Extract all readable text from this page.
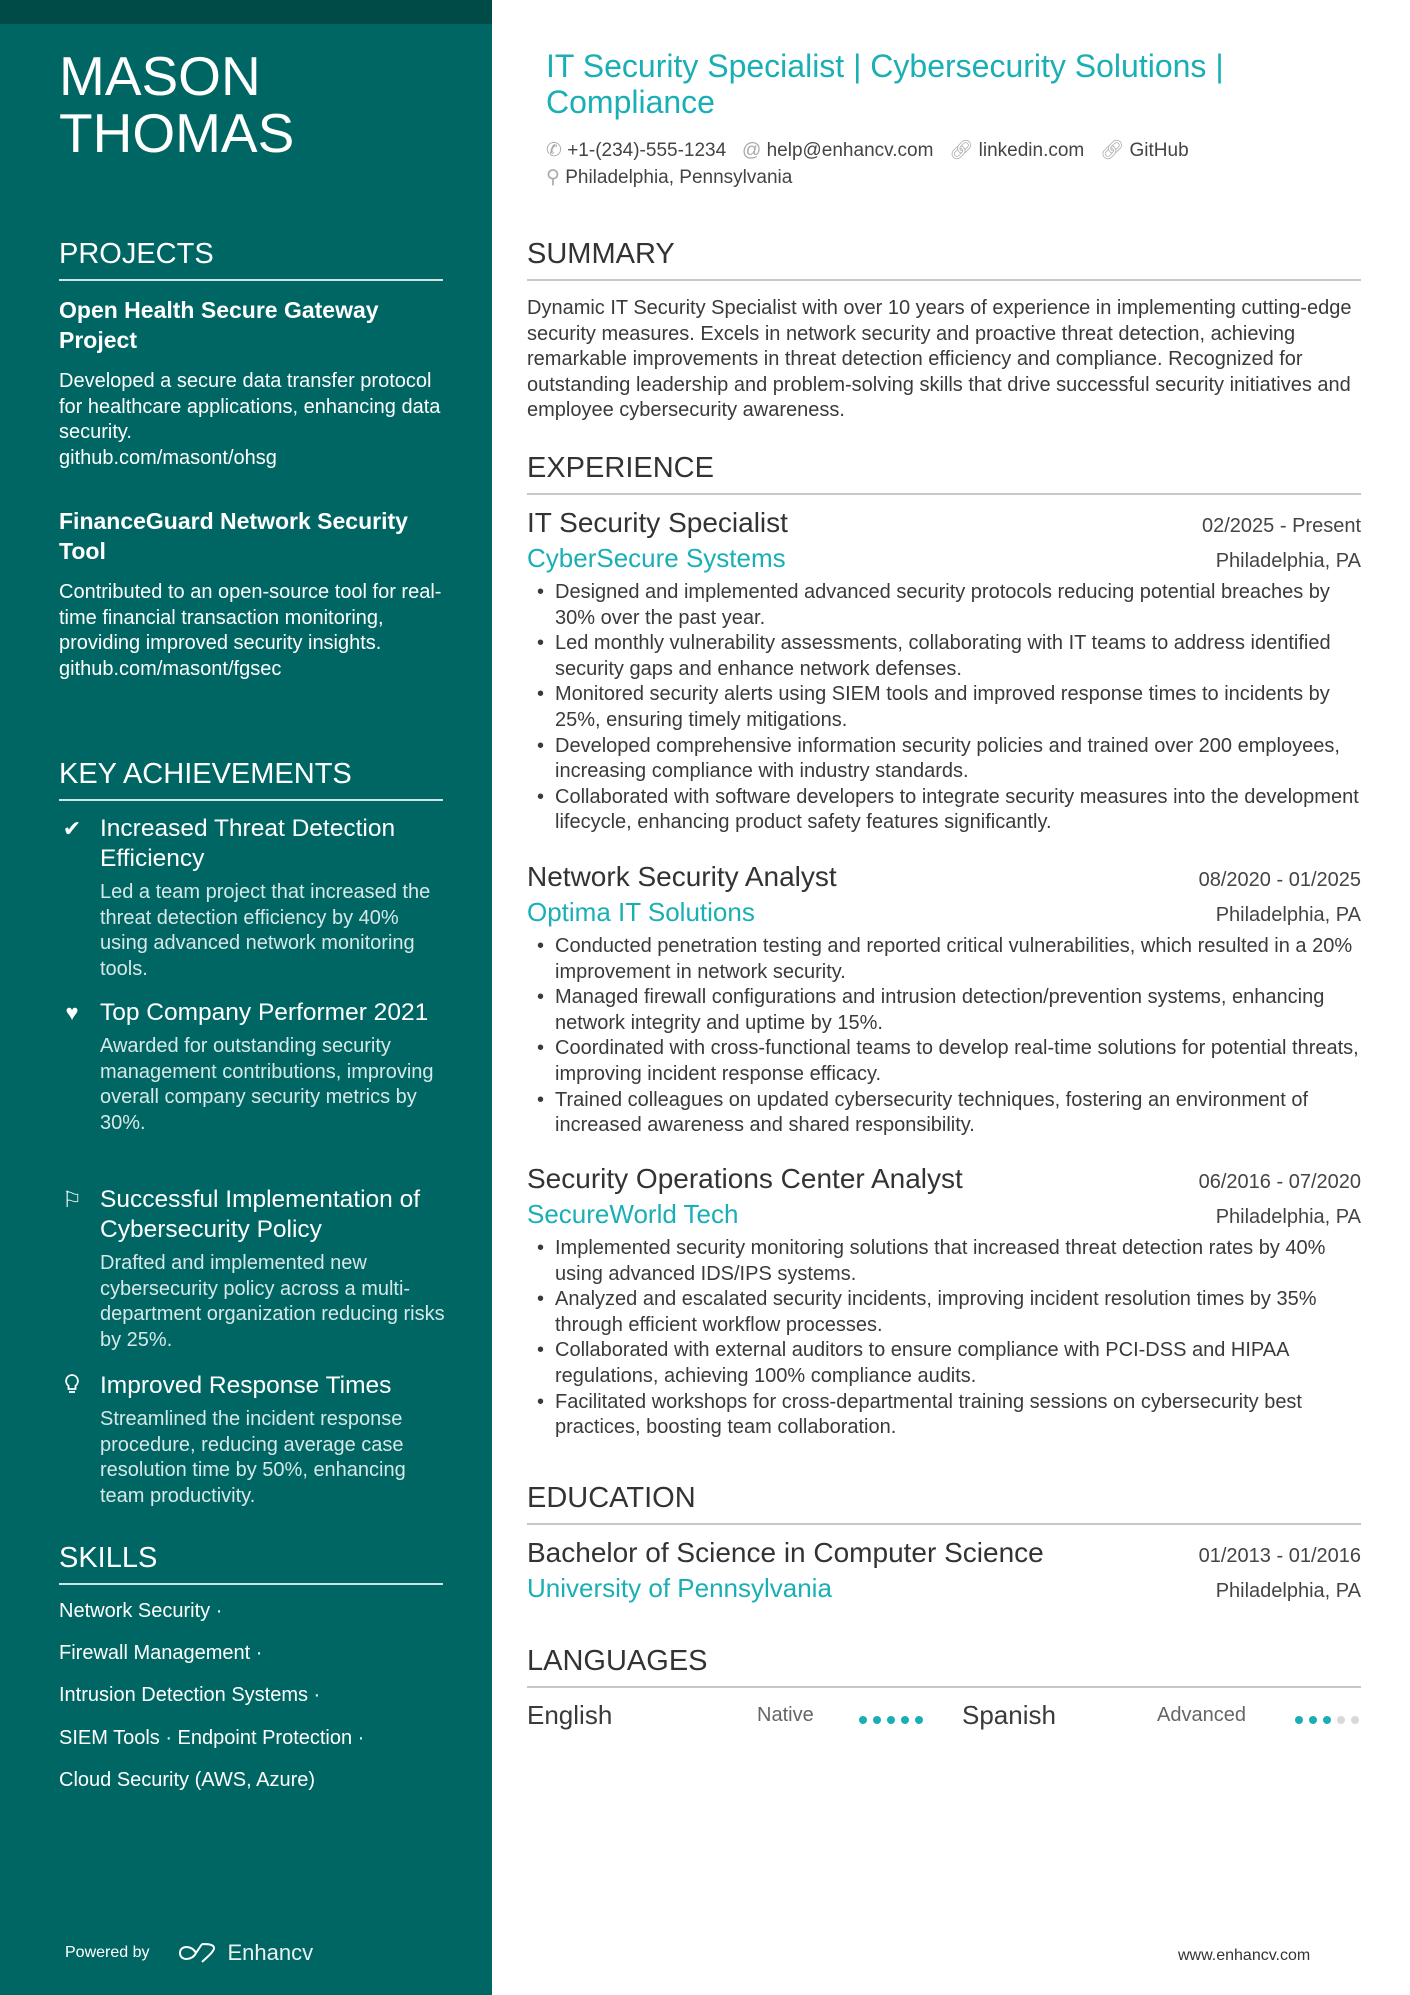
MASON
THOMAS
PROJECTS
Open Health Secure Gateway Project
Developed a secure data transfer protocol for healthcare applications, enhancing data security.
github.com/masont/ohsg
FinanceGuard Network Security Tool
Contributed to an open-source tool for real-time financial transaction monitoring, providing improved security insights.
github.com/masont/fgsec
KEY ACHIEVEMENTS
✔ Increased Threat Detection Efficiency
Led a team project that increased the threat detection efficiency by 40% using advanced network monitoring tools.
♥ Top Company Performer 2021
Awarded for outstanding security management contributions, improving overall company security metrics by 30%.
⚐ Successful Implementation of Cybersecurity Policy
Drafted and implemented new cybersecurity policy across a multi-department organization reducing risks by 25%.
Improved Response Times
Streamlined the incident response procedure, reducing average case resolution time by 50%, enhancing team productivity.
SKILLS
Network Security ·
Firewall Management ·
Intrusion Detection Systems ·
SIEM Tools · Endpoint Protection ·
Cloud Security (AWS, Azure)
Powered by	Enhancv
IT Security Specialist | Cybersecurity Solutions | Compliance
✆ +1-(234)-555-1234 @ help@enhancv.com 🔗︎ linkedin.com 🔗︎ GitHub
⚲ Philadelphia, Pennsylvania
SUMMARY
Dynamic IT Security Specialist with over 10 years of experience in implementing cutting-edge security measures. Excels in network security and proactive threat detection, achieving remarkable improvements in threat detection efficiency and compliance. Recognized for outstanding leadership and problem-solving skills that drive successful security initiatives and employee cybersecurity awareness.
EXPERIENCE
IT Security Specialist	02/2025 - Present
CyberSecure Systems	Philadelphia, PA
• Designed and implemented advanced security protocols reducing potential breaches by 30% over the past year.
• Led monthly vulnerability assessments, collaborating with IT teams to address identified security gaps and enhance network defenses.
• Monitored security alerts using SIEM tools and improved response times to incidents by 25%, ensuring timely mitigations.
• Developed comprehensive information security policies and trained over 200 employees, increasing compliance with industry standards.
• Collaborated with software developers to integrate security measures into the development lifecycle, enhancing product safety features significantly.
Network Security Analyst	08/2020 - 01/2025
Optima IT Solutions	Philadelphia, PA
• Conducted penetration testing and reported critical vulnerabilities, which resulted in a 20% improvement in network security.
• Managed firewall configurations and intrusion detection/prevention systems, enhancing network integrity and uptime by 15%.
• Coordinated with cross-functional teams to develop real-time solutions for potential threats, improving incident response efficacy.
• Trained colleagues on updated cybersecurity techniques, fostering an environment of increased awareness and shared responsibility.
Security Operations Center Analyst	06/2016 - 07/2020
SecureWorld Tech	Philadelphia, PA
• Implemented security monitoring solutions that increased threat detection rates by 40% using advanced IDS/IPS systems.
• Analyzed and escalated security incidents, improving incident resolution times by 35% through efficient workflow processes.
• Collaborated with external auditors to ensure compliance with PCI-DSS and HIPAA regulations, achieving 100% compliance audits.
• Facilitated workshops for cross-departmental training sessions on cybersecurity best practices, boosting team collaboration.
EDUCATION
Bachelor of Science in Computer Science	01/2013 - 01/2016
University of Pennsylvania	Philadelphia, PA
LANGUAGES
English	Native	Spanish	Advanced
www.enhancv.com
